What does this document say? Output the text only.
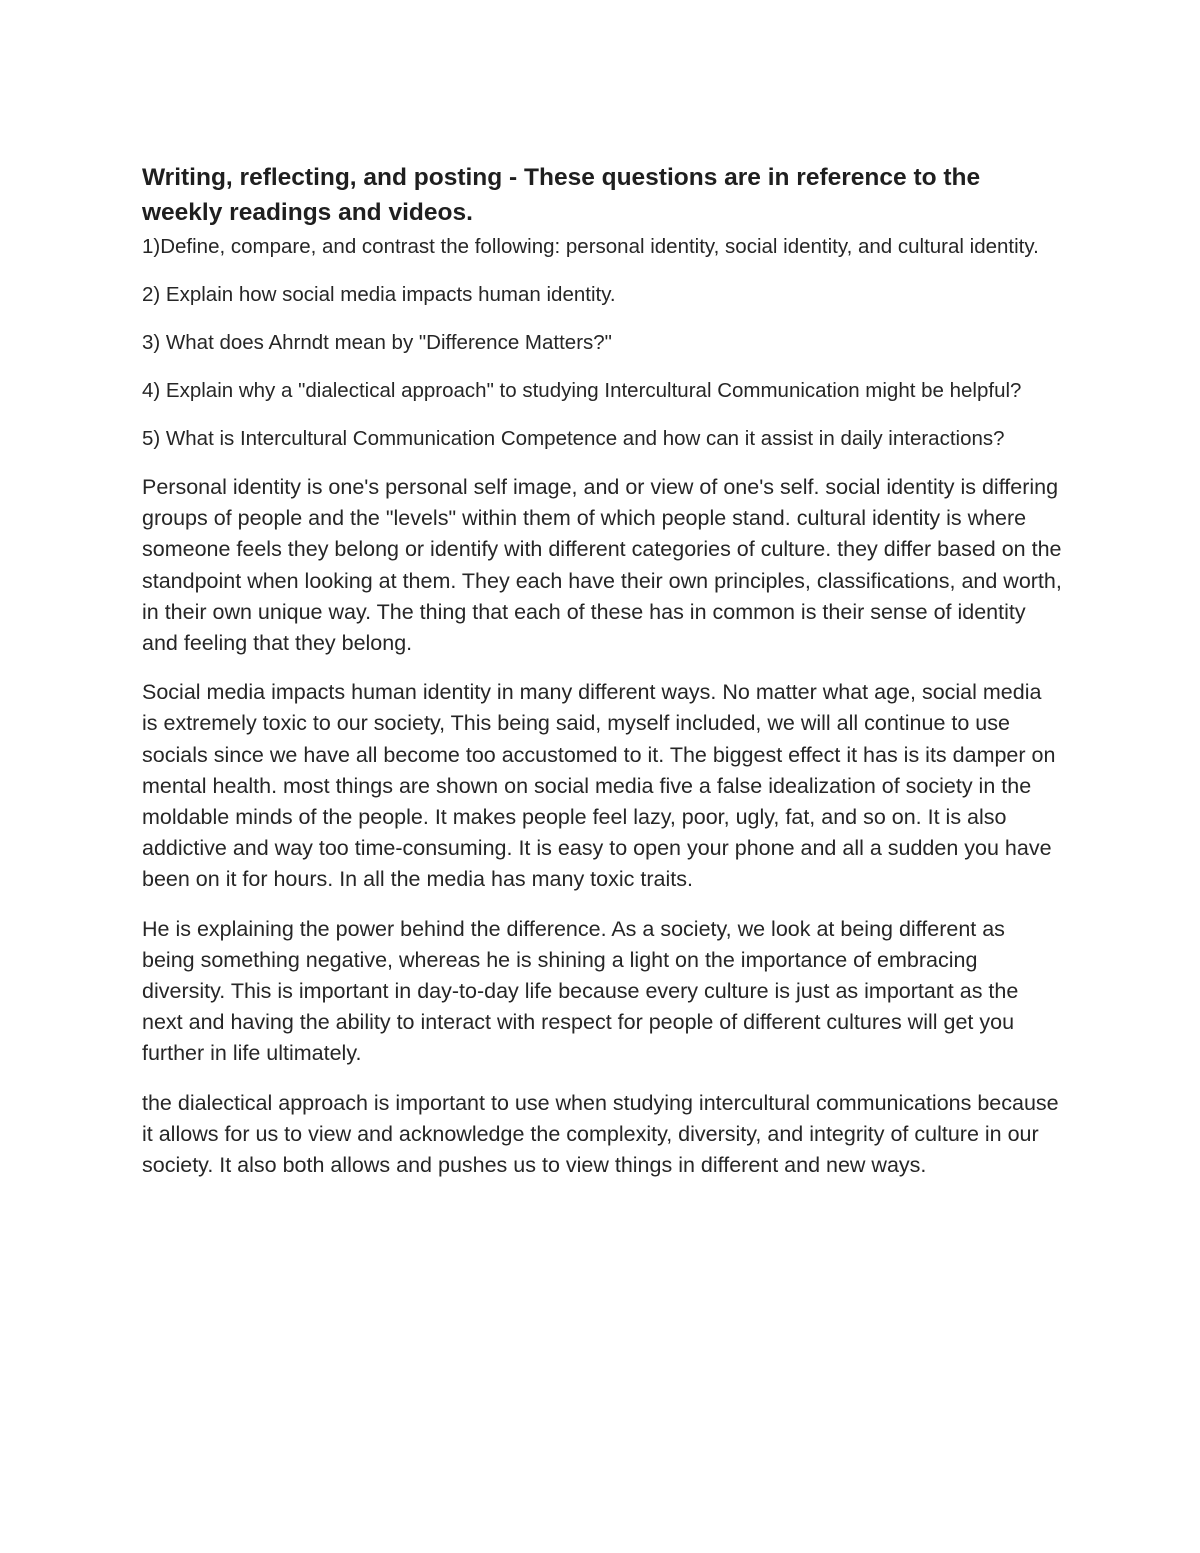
Writing, reflecting, and posting - These questions are in reference to the weekly readings and videos.

1)Define, compare, and contrast the following: personal identity, social identity, and cultural identity.

2) Explain how social media impacts human identity.

3) What does Ahrndt mean by "Difference Matters?"

4) Explain why a "dialectical approach" to studying Intercultural Communication might be helpful?

5) What is Intercultural Communication Competence and how can it assist in daily interactions?

Personal identity is one's personal self image, and or view of one's self. social identity is differing groups of people and the "levels" within them of which people stand. cultural identity is where someone feels they belong or identify with different categories of culture. they differ based on the standpoint when looking at them. They each have their own principles, classifications, and worth, in their own unique way. The thing that each of these has in common is their sense of identity and feeling that they belong.

Social media impacts human identity in many different ways. No matter what age, social media is extremely toxic to our society, This being said, myself included, we will all continue to use socials since we have all become too accustomed to it. The biggest effect it has is its damper on mental health. most things are shown on social media five a false idealization of society in the moldable minds of the people. It makes people feel lazy, poor, ugly, fat, and so on. It is also addictive and way too time-consuming. It is easy to open your phone and all a sudden you have been on it for hours. In all the media has many toxic traits.

He is explaining the power behind the difference. As a society, we look at being different as being something negative, whereas he is shining a light on the importance of embracing diversity. This is important in day-to-day life because every culture is just as important as the next and having the ability to interact with respect for people of different cultures will get you further in life ultimately.

the dialectical approach is important to use when studying intercultural communications because it allows for us to view and acknowledge the complexity, diversity, and integrity of culture in our society. It also both allows and pushes us to view things in different and new ways.
